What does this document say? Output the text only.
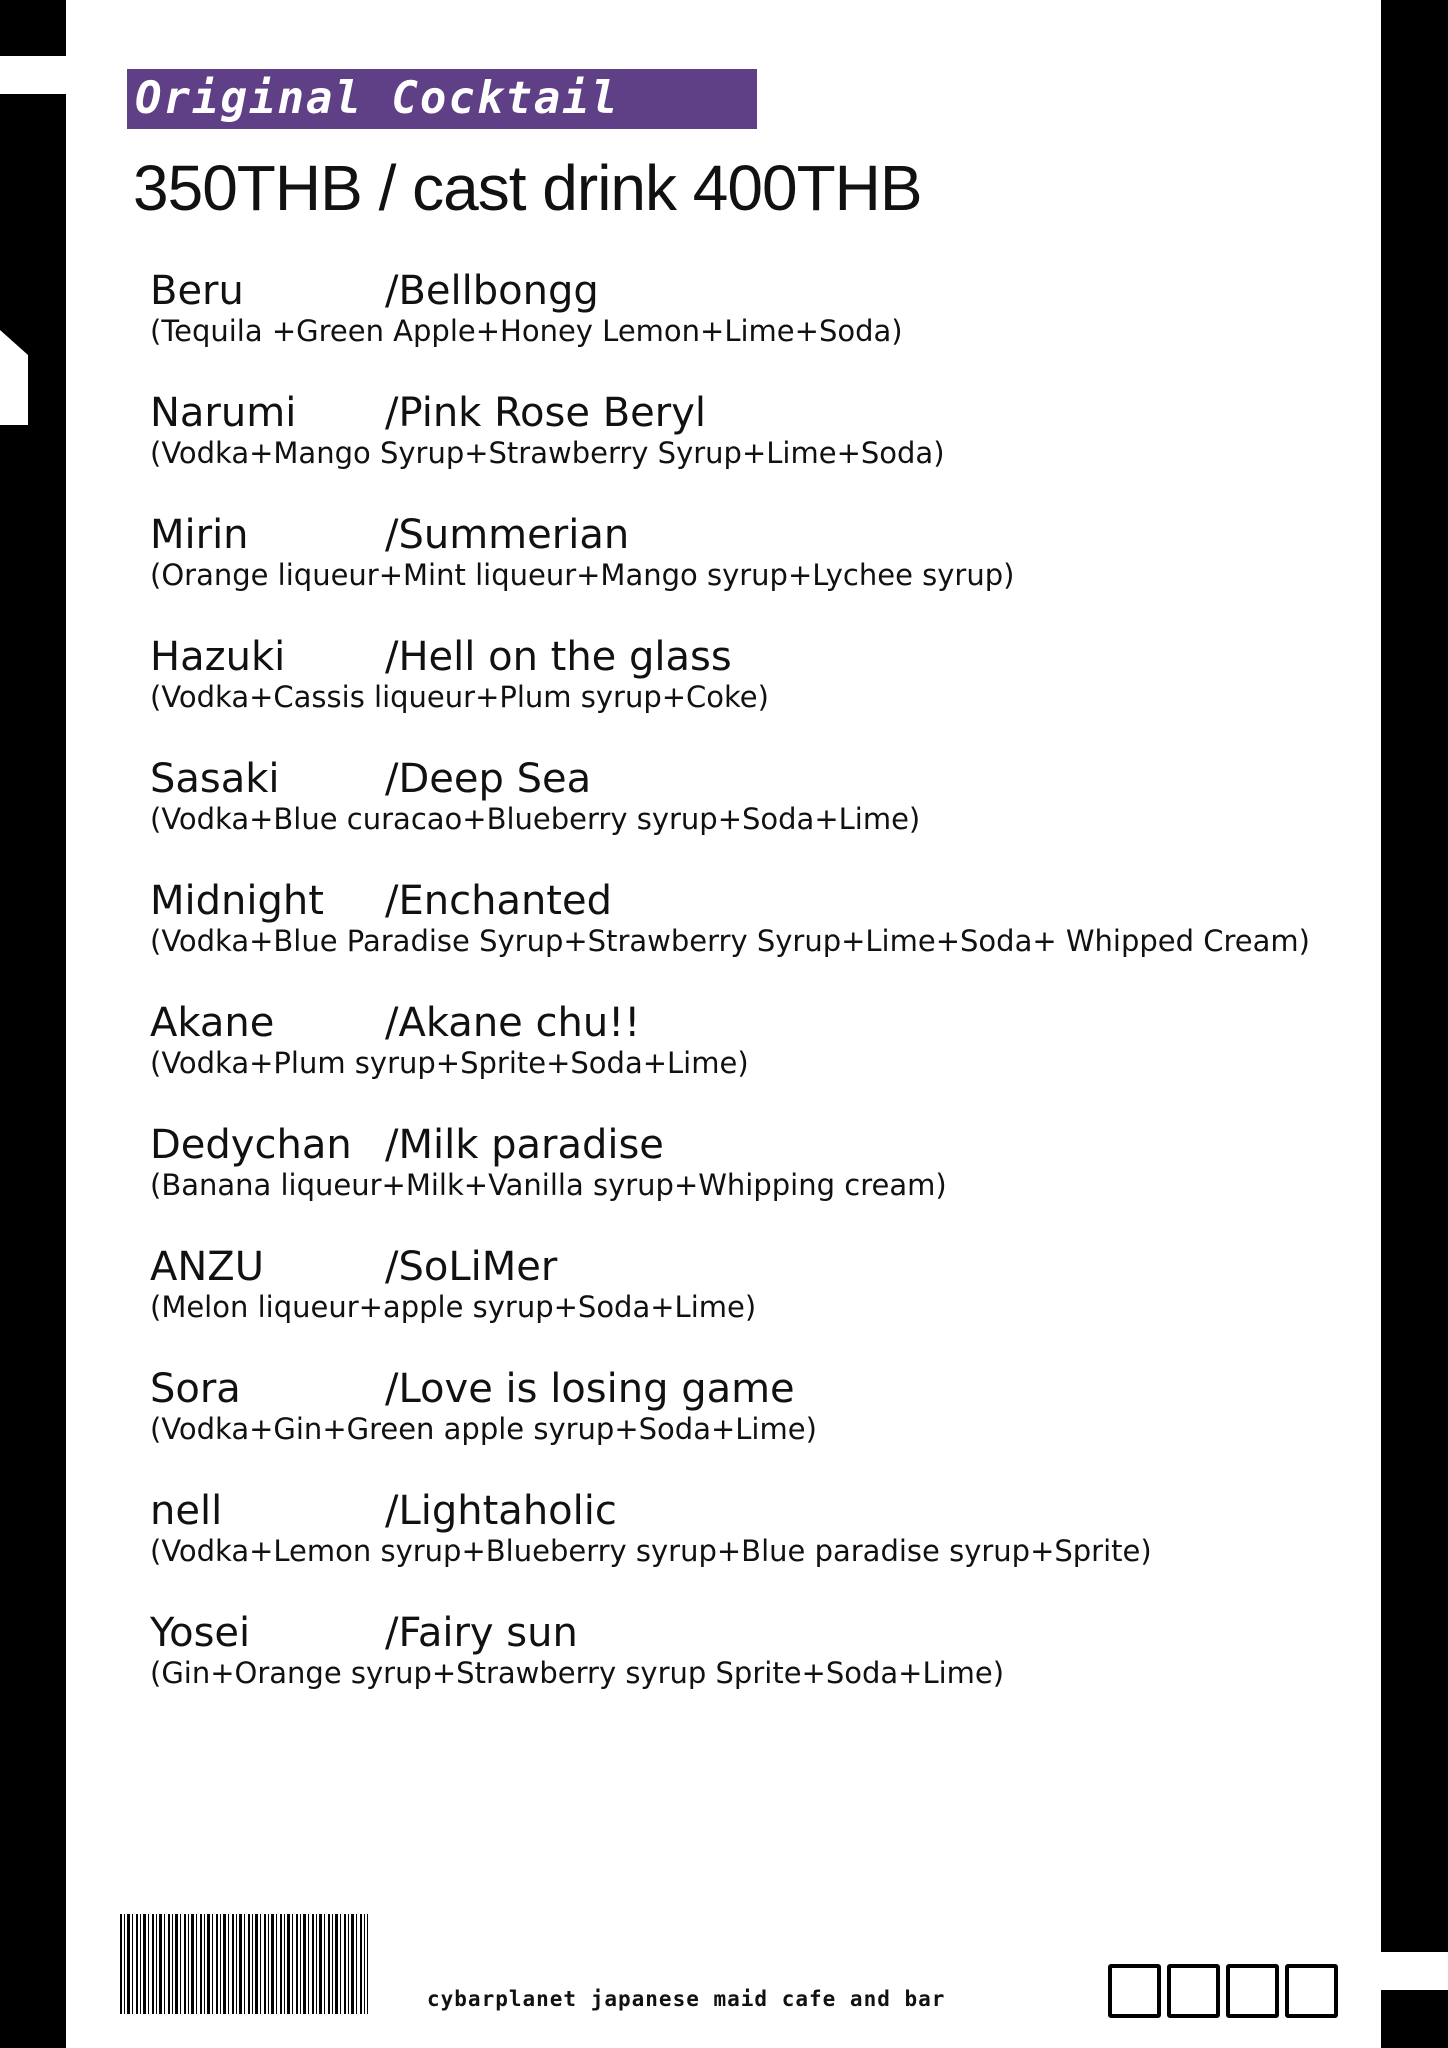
Original Cocktail
350THB / cast drink 400THB
Beru	/Bellbongg
(Tequila +Green Apple+Honey Lemon+Lime+Soda)
Narumi /Pink Rose Beryl
(Vodka+Mango Syrup+Strawberry Syrup+Lime+Soda)
Mirin	/Summerian
(Orange liqueur+Mint liqueur+Mango syrup+Lychee syrup)
Hazuki /Hell on the glass
(Vodka+Cassis liqueur+Plum syrup+Coke)
Sasaki	/Deep Sea
(Vodka+Blue curacao+Blueberry syrup+Soda+Lime)
Midnight /Enchanted
(Vodka+Blue Paradise Syrup+Strawberry Syrup+Lime+Soda+ Whipped Cream)
Akane	/Akane chu!!
(Vodka+Plum syrup+Sprite+Soda+Lime)
Dedychan /Milk paradise
(Banana liqueur+Milk+Vanilla syrup+Whipping cream)
ANZU	/SoLiMer
(Melon liqueur+apple syrup+Soda+Lime)
Sora	/Love is losing game
(Vodka+Gin+Green apple syrup+Soda+Lime)
nell	/Lightaholic
(Vodka+Lemon syrup+Blueberry syrup+Blue paradise syrup+Sprite)
Yosei	/Fairy sun
(Gin+Orange syrup+Strawberry syrup Sprite+Soda+Lime)
cybarplanet japanese maid cafe and bar
